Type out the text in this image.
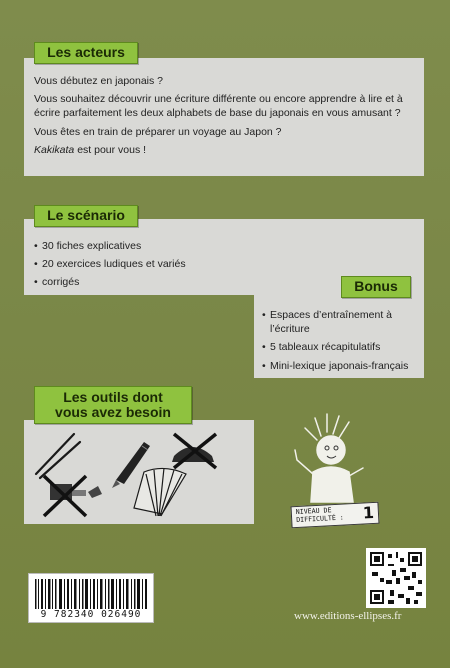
Vous débutez en japonais ?

Vous souhaitez découvrir une écriture différente ou encore apprendre à lire et à écrire parfaitement les deux alphabets de base du japonais en vous amusant ?

Vous êtes en train de préparer un voyage au Japon ?

Kakikata est pour vous !

Les acteurs
• 30 fiches explicatives
• 20 exercices ludiques et variés
• corrigés
Le scénario
• Espaces d’entraînement à l’écriture
• 5 tableaux récapitulatifs
• Mini-lexique japonais-français
Bonus
Les outils dont
vous avez besoin
NIVEAU DE
DIFFICULTÉ :	1
9 782340 026490	www.editions-ellipses.fr
